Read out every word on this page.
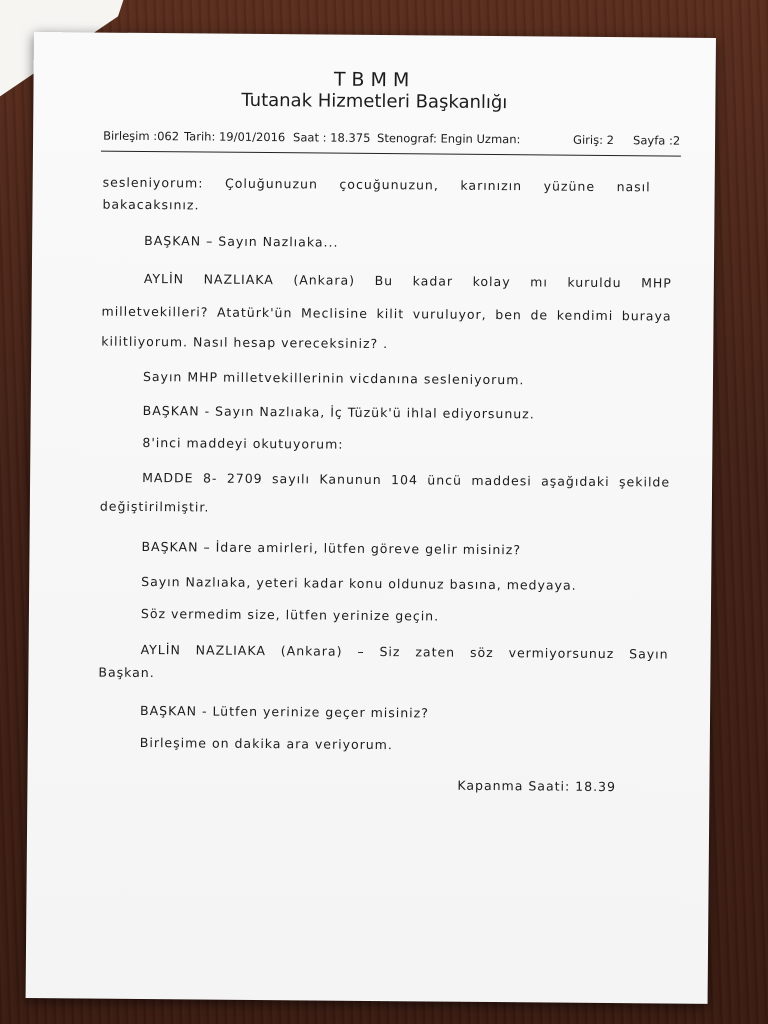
TBMM
Tutanak Hizmetleri Başkanlığı
Birleşim :062 Tarih: 19/01/2016 Saat : 18.375 Stenograf: Engin Uzman:	Giriş: 2 Sayfa :2
sesleniyorum: Çoluğunuzun çocuğunuzun, karınızın yüzüne nasıl
bakacaksınız.
BAŞKAN – Sayın Nazlıaka...
AYLİN NAZLIAKA (Ankara) Bu kadar kolay mı kuruldu MHP
milletvekilleri? Atatürk'ün Meclisine kilit vuruluyor, ben de kendimi buraya
kilitliyorum. Nasıl hesap vereceksiniz? .
Sayın MHP milletvekillerinin vicdanına sesleniyorum.
BAŞKAN - Sayın Nazlıaka, İç Tüzük'ü ihlal ediyorsunuz.
8'inci maddeyi okutuyorum:
MADDE 8- 2709 sayılı Kanunun 104 üncü maddesi aşağıdaki şekilde
değiştirilmiştir.
BAŞKAN – İdare amirleri, lütfen göreve gelir misiniz?
Sayın Nazlıaka, yeteri kadar konu oldunuz basına, medyaya.
Söz vermedim size, lütfen yerinize geçin.
AYLİN NAZLIAKA (Ankara) – Siz zaten söz vermiyorsunuz Sayın
Başkan.
BAŞKAN - Lütfen yerinize geçer misiniz?
Birleşime on dakika ara veriyorum.
Kapanma Saati: 18.39
